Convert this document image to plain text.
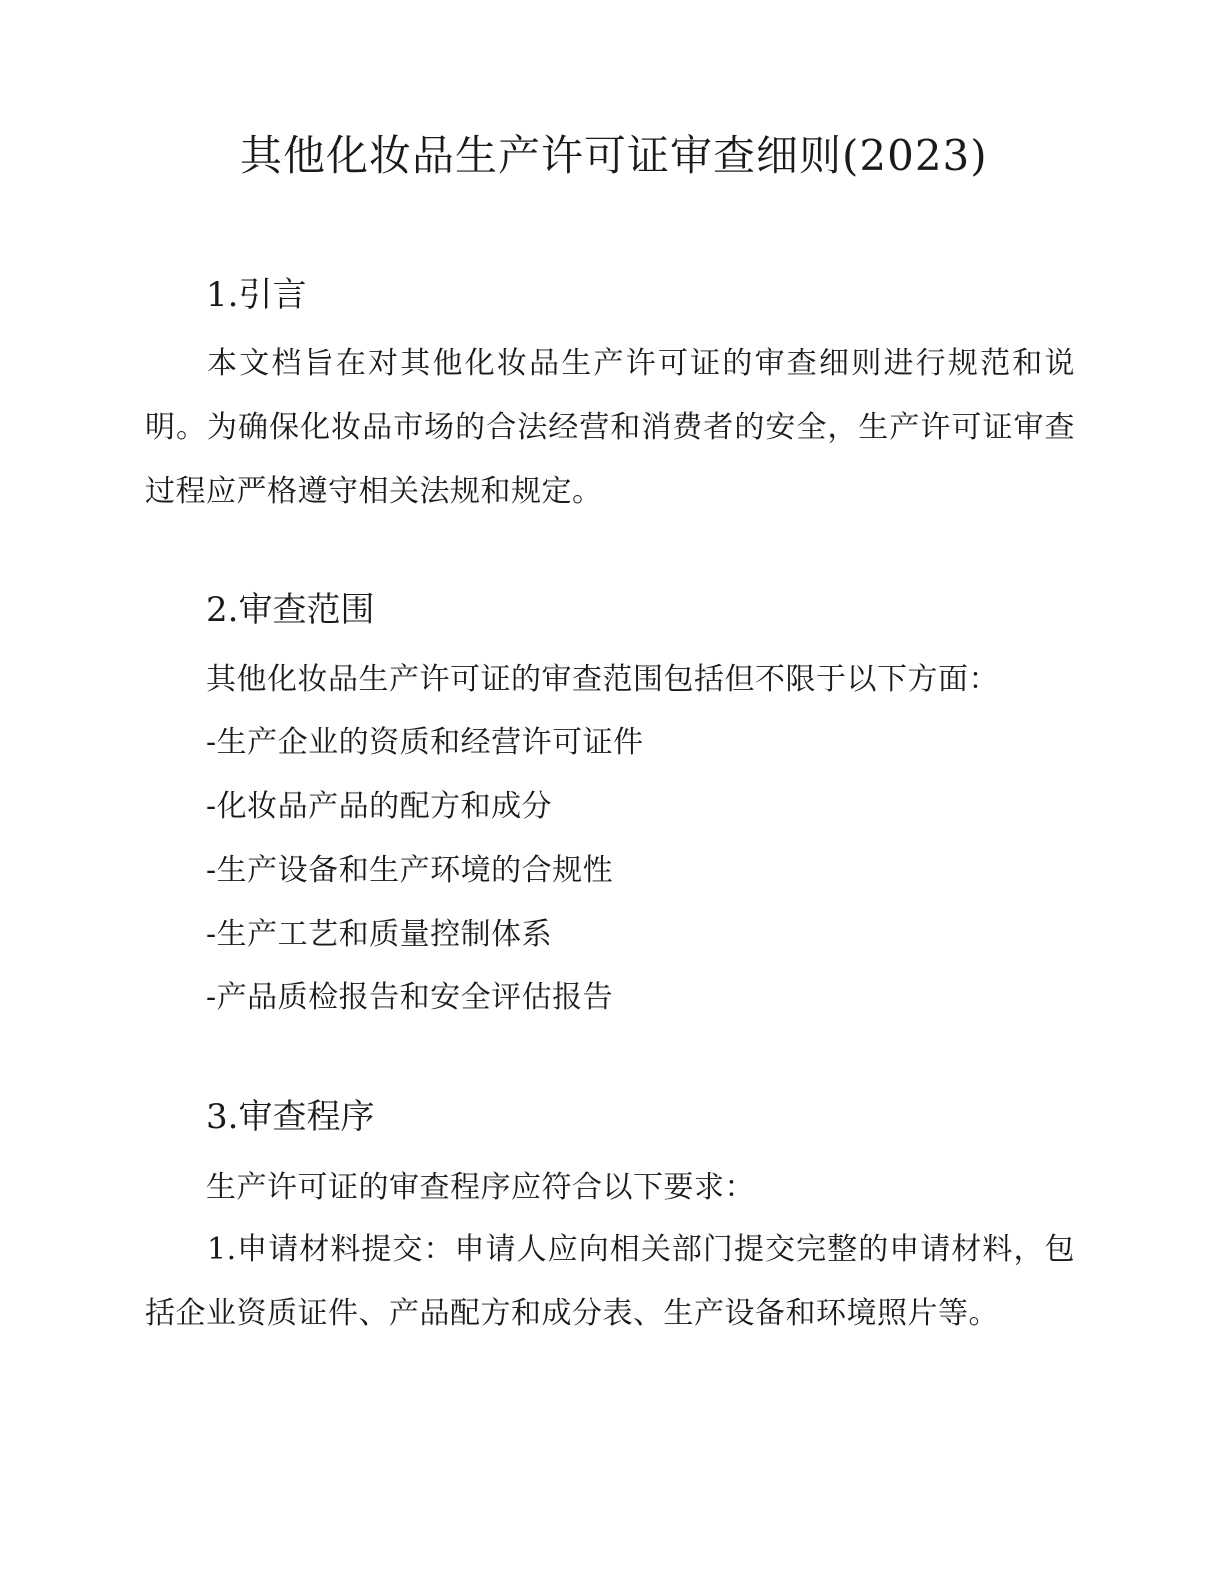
其他化妆品生产许可证审查细则(2023)
1.引言
本文档旨在对其他化妆品生产许可证的审查细则进行规范和说明。为确保化妆品市场的合法经营和消费者的安全，生产许可证审查过程应严格遵守相关法规和规定。
2.审查范围
其他化妆品生产许可证的审查范围包括但不限于以下方面：
-生产企业的资质和经营许可证件
-化妆品产品的配方和成分
-生产设备和生产环境的合规性
-生产工艺和质量控制体系
-产品质检报告和安全评估报告
3.审查程序
生产许可证的审查程序应符合以下要求：
1.申请材料提交：申请人应向相关部门提交完整的申请材料，包括企业资质证件、产品配方和成分表、生产设备和环境照片等。
